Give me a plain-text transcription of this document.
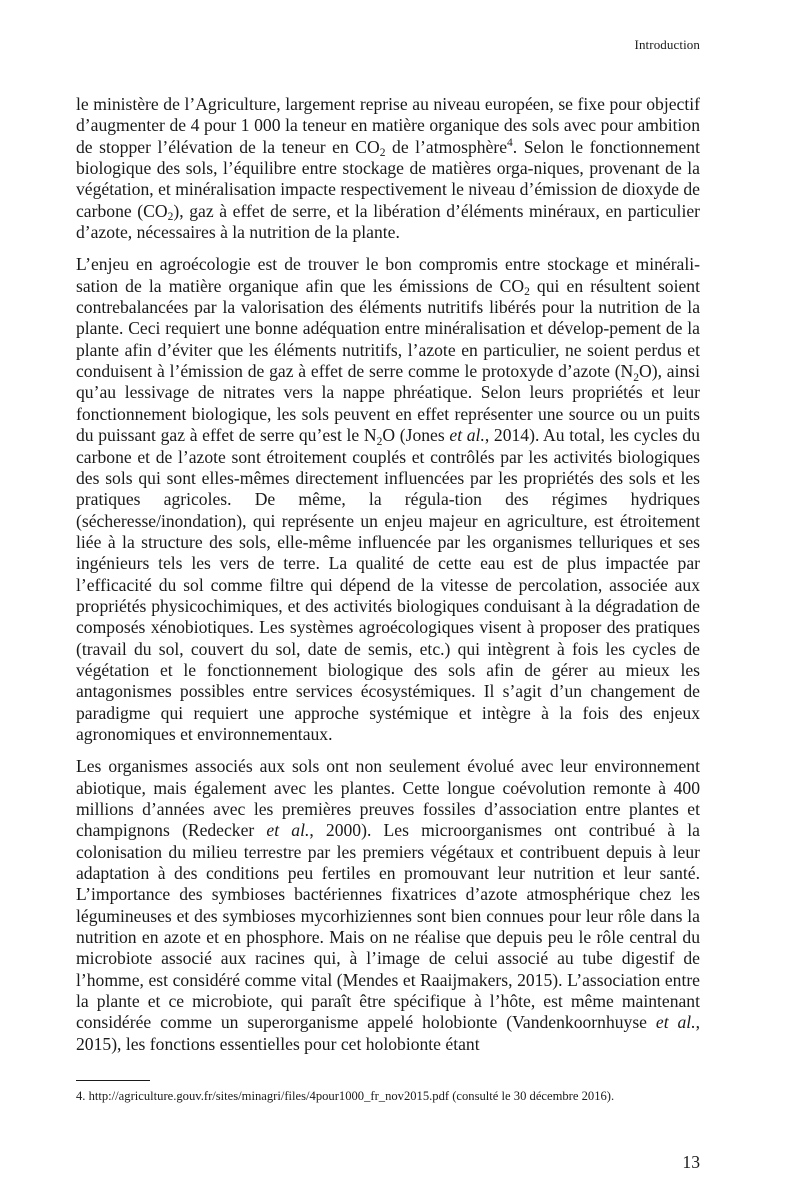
Introduction

le ministère de l’Agriculture, largement reprise au niveau européen, se fixe pour objectif d’augmenter de 4 pour 1 000 la teneur en matière organique des sols avec pour ambition de stopper l’élévation de la teneur en $CO_2$ de l’atmosphère$^4$. Selon le fonctionnement biologique des sols, l’équilibre entre stockage de matières orga-niques, provenant de la végétation, et minéralisation impacte respectivement le niveau d’émission de dioxyde de carbone $(CO_2)$, gaz à effet de serre, et la libération d’éléments minéraux, en particulier d’azote, nécessaires à la nutrition de la plante.

L’enjeu en agroécologie est de trouver le bon compromis entre stockage et minérali-sation de la matière organique afin que les émissions de $CO_2$ qui en résultent soient contrebalancées par la valorisation des éléments nutritifs libérés pour la nutrition de la plante. Ceci requiert une bonne adéquation entre minéralisation et dévelop-pement de la plante afin d’éviter que les éléments nutritifs, l’azote en particulier, ne soient perdus et conduisent à l’émission de gaz à effet de serre comme le protoxyde d’azote $(N_2O)$, ainsi qu’au lessivage de nitrates vers la nappe phréatique. Selon leurs propriétés et leur fonctionnement biologique, les sols peuvent en effet représenter une source ou un puits du puissant gaz à effet de serre qu’est le $N_2O$ (Jones et al., 2014). Au total, les cycles du carbone et de l’azote sont étroitement couplés et contrôlés par les activités biologiques des sols qui sont elles-mêmes directement influencées par les propriétés des sols et les pratiques agricoles. De même, la régula-tion des régimes hydriques (sécheresse/inondation), qui représente un enjeu majeur en agriculture, est étroitement liée à la structure des sols, elle-même influencée par les organismes telluriques et ses ingénieurs tels les vers de terre. La qualité de cette eau est de plus impactée par l’efficacité du sol comme filtre qui dépend de la vitesse de percolation, associée aux propriétés physicochimiques, et des activités biologiques conduisant à la dégradation de composés xénobiotiques. Les systèmes agroécologiques visent à proposer des pratiques (travail du sol, couvert du sol, date de semis, etc.) qui intègrent à fois les cycles de végétation et le fonctionnement biologique des sols afin de gérer au mieux les antagonismes possibles entre services écosystémiques. Il s’agit d’un changement de paradigme qui requiert une approche systémique et intègre à la fois des enjeux agronomiques et environnementaux.

Les organismes associés aux sols ont non seulement évolué avec leur environnement abiotique, mais également avec les plantes. Cette longue coévolution remonte à 400 millions d’années avec les premières preuves fossiles d’association entre plantes et champignons (Redecker et al., 2000). Les microorganismes ont contribué à la colonisation du milieu terrestre par les premiers végétaux et contribuent depuis à leur adaptation à des conditions peu fertiles en promouvant leur nutrition et leur santé. L’importance des symbioses bactériennes fixatrices d’azote atmosphérique chez les légumineuses et des symbioses mycorhiziennes sont bien connues pour leur rôle dans la nutrition en azote et en phosphore. Mais on ne réalise que depuis peu le rôle central du microbiote associé aux racines qui, à l’image de celui associé au tube digestif de l’homme, est considéré comme vital (Mendes et Raaijmakers, 2015). L’association entre la plante et ce microbiote, qui paraît être spécifique à l’hôte, est même maintenant considérée comme un superorganisme appelé holobionte (Vandenkoornhuyse et al., 2015), les fonctions essentielles pour cet holobionte étant

4. http://agriculture.gouv.fr/sites/minagri/files/4pour1000_fr_nov2015.pdf (consulté le 30 décembre 2016).
13
